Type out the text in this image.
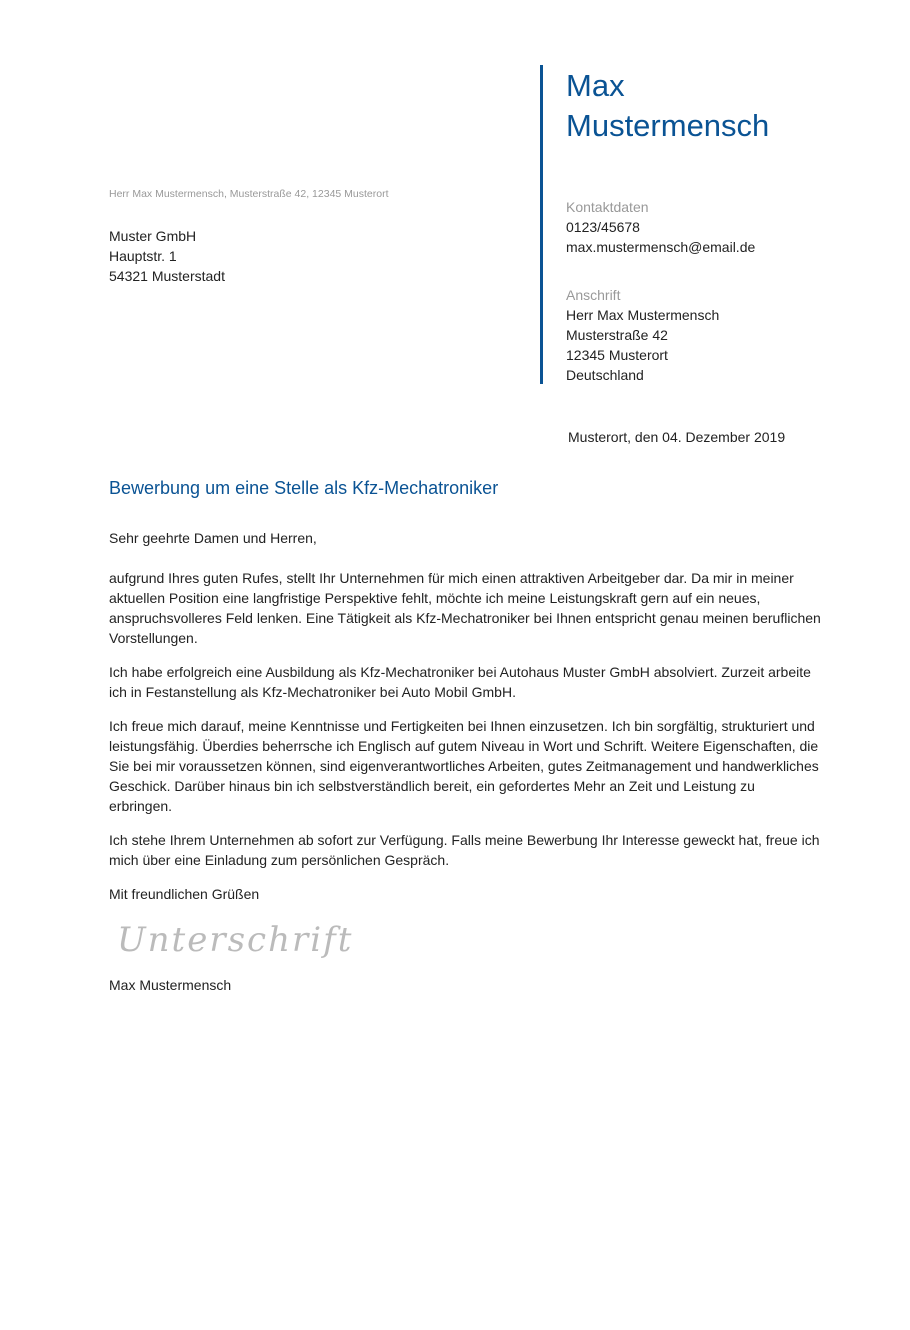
Max
Mustermensch
Kontaktdaten
0123/45678
max.mustermensch@email.de
Anschrift
Herr Max Mustermensch
Musterstraße 42
12345 Musterort
Deutschland
Herr Max Mustermensch, Musterstraße 42, 12345 Musterort
Muster GmbH
Hauptstr. 1
54321 Musterstadt
Musterort, den 04. Dezember 2019
Bewerbung um eine Stelle als Kfz-Mechatroniker

Sehr geehrte Damen und Herren,

aufgrund Ihres guten Rufes, stellt Ihr Unternehmen für mich einen attraktiven Arbeitgeber dar. Da mir in meiner aktuellen Position eine langfristige Perspektive fehlt, möchte ich meine Leistungskraft gern auf ein neues, anspruchsvolleres Feld lenken. Eine Tätigkeit als Kfz-Mechatroniker bei Ihnen entspricht genau meinen beruflichen Vorstellungen.

Ich habe erfolgreich eine Ausbildung als Kfz-Mechatroniker bei Autohaus Muster GmbH absolviert. Zurzeit arbeite ich in Festanstellung als Kfz-Mechatroniker bei Auto Mobil GmbH.

Ich freue mich darauf, meine Kenntnisse und Fertigkeiten bei Ihnen einzusetzen. Ich bin sorgfältig, strukturiert und leistungsfähig. Überdies beherrsche ich Englisch auf gutem Niveau in Wort und Schrift. Weitere Eigenschaften, die Sie bei mir voraussetzen können, sind eigenverantwortliches Arbeiten, gutes Zeitmanagement und handwerkliches Geschick. Darüber hinaus bin ich selbstverständlich bereit, ein gefordertes Mehr an Zeit und Leistung zu erbringen.

Ich stehe Ihrem Unternehmen ab sofort zur Verfügung. Falls meine Bewerbung Ihr Interesse geweckt hat, freue ich mich über eine Einladung zum persönlichen Gespräch.

Mit freundlichen Grüßen

Unterschrift
Max Mustermensch
